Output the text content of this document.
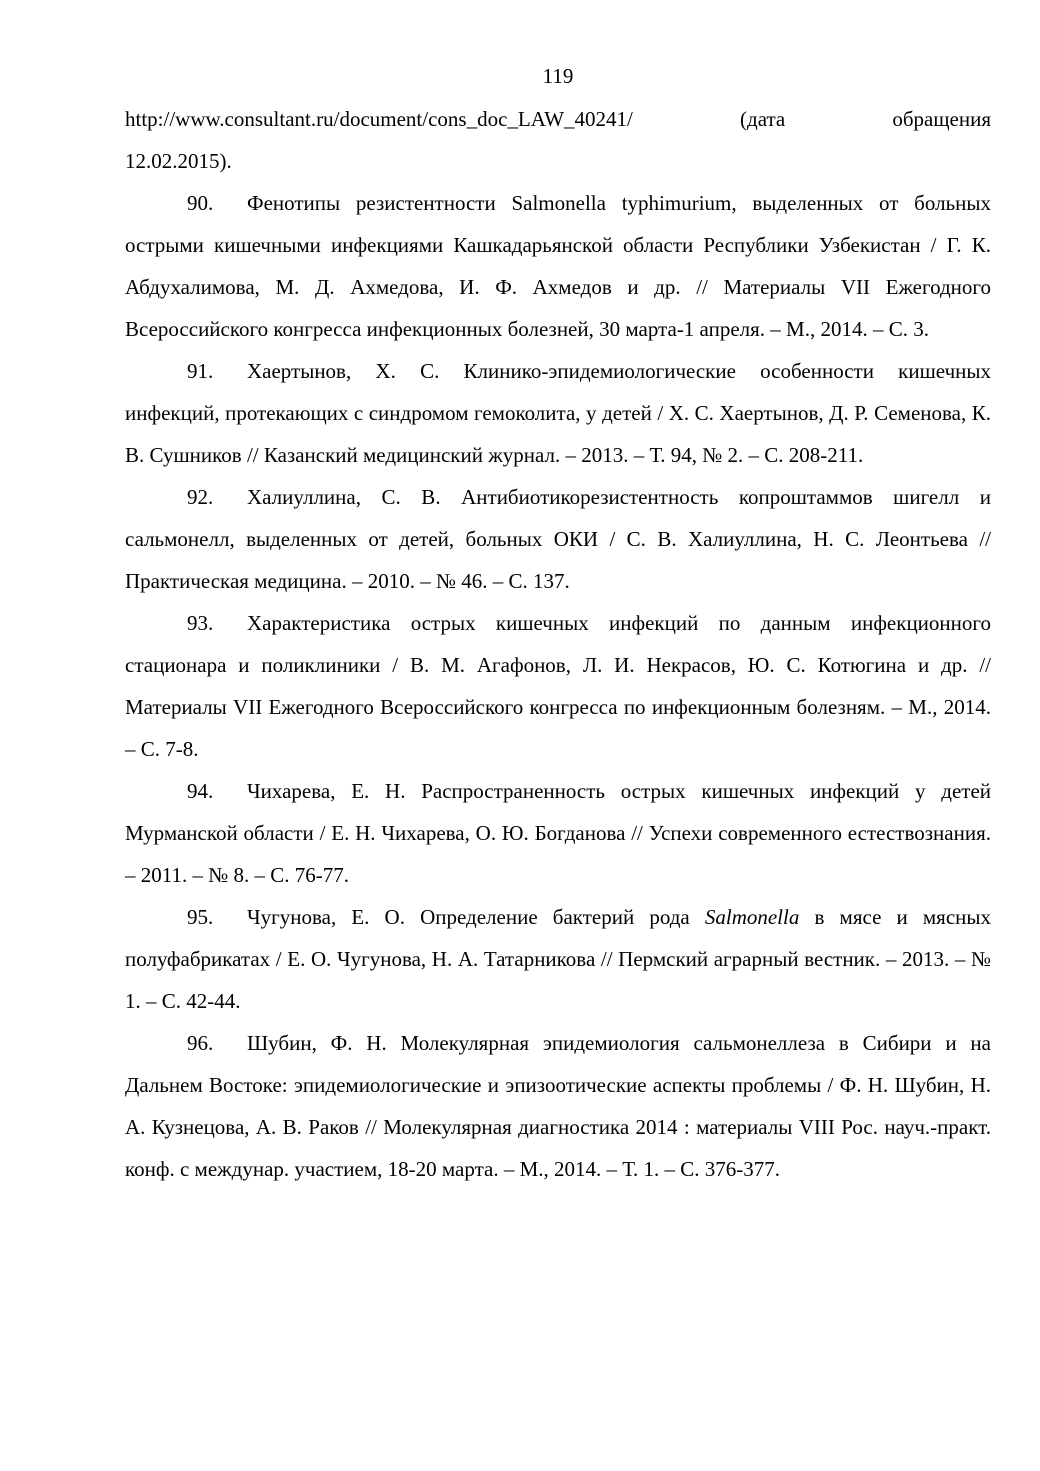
119

http://www.consultant.ru/document/cons_doc_LAW_40241/ (дата обращения

12.02.2015).

90. Фенотипы резистентности Salmonella typhimurium, выделенных от больных острыми кишечными инфекциями Кашкадарьянской области Республики Узбекистан / Г. К. Абдухалимова, М. Д. Ахмедова, И. Ф. Ахмедов и др. // Материалы VII Ежегодного Всероссийского конгресса инфекционных болезней, 30 марта-1 апреля. – М., 2014. – С. 3.

91. Хаертынов, Х. С. Клинико-эпидемиологические особенности кишечных инфекций, протекающих с синдромом гемоколита, у детей / Х. С. Хаертынов, Д. Р. Семенова, К. В. Сушников // Казанский медицинский журнал. – 2013. – Т. 94, № 2. – С. 208-211.

92. Халиуллина, С. В. Антибиотикорезистентность копроштаммов шигелл и сальмонелл, выделенных от детей, больных ОКИ / С. В. Халиуллина, Н. С. Леонтьева // Практическая медицина. – 2010. – № 46. – С. 137.

93. Характеристика острых кишечных инфекций по данным инфекционного стационара и поликлиники / В. М. Агафонов, Л. И. Некрасов, Ю. С. Котюгина и др. // Материалы VII Ежегодного Всероссийского конгресса по инфекционным болезням. – М., 2014. – С. 7-8.

94. Чихарева, Е. Н. Распространенность острых кишечных инфекций у детей Мурманской области / Е. Н. Чихарева, О. Ю. Богданова // Успехи современного естествознания. – 2011. – № 8. – С. 76-77.

95. Чугунова, Е. О. Определение бактерий рода Salmonella в мясе и мясных полуфабрикатах / Е. О. Чугунова, Н. А. Татарникова // Пермский аграрный вестник. – 2013. – № 1. – С. 42-44.

96. Шубин, Ф. Н. Молекулярная эпидемиология сальмонеллеза в Сибири и на Дальнем Востоке: эпидемиологические и эпизоотические аспекты проблемы / Ф. Н. Шубин, Н. А. Кузнецова, А. В. Раков // Молекулярная диагностика 2014 : материалы VIII Рос. науч.-практ. конф. с междунар. участием, 18-20 марта. – М., 2014. – Т. 1. – С. 376-377.
